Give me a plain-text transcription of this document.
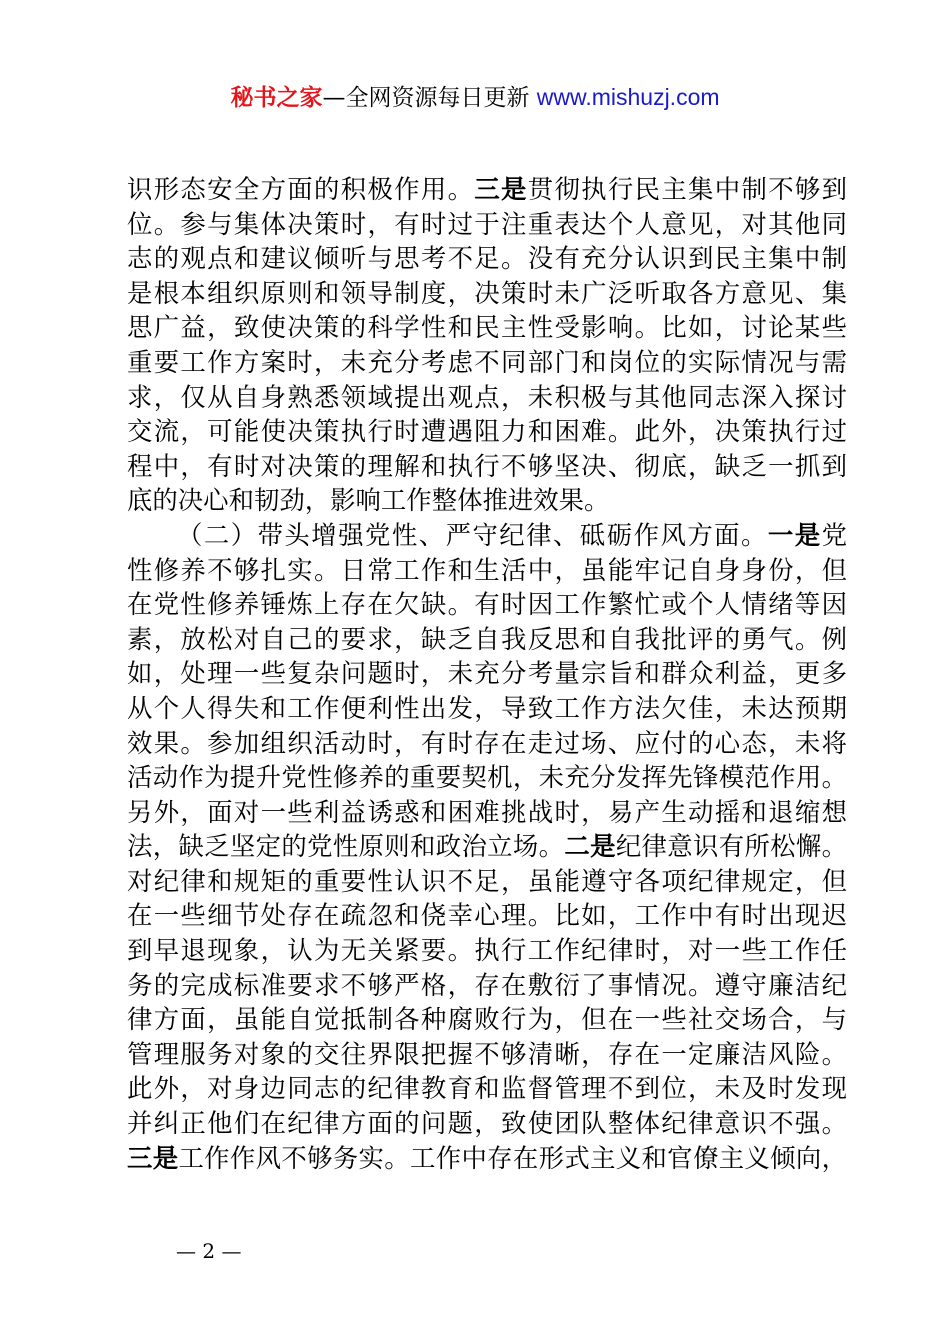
秘书之家—全网资源每日更新 www.mishuzj.com
识形态安全方面的积极作用。三是贯彻执行民主集中制不够到
位。参与集体决策时，有时过于注重表达个人意见，对其他同
志的观点和建议倾听与思考不足。没有充分认识到民主集中制
是根本组织原则和领导制度，决策时未广泛听取各方意见、集
思广益，致使决策的科学性和民主性受影响。比如，讨论某些
重要工作方案时，未充分考虑不同部门和岗位的实际情况与需
求，仅从自身熟悉领域提出观点，未积极与其他同志深入探讨
交流，可能使决策执行时遭遇阻力和困难。此外，决策执行过
程中，有时对决策的理解和执行不够坚决、彻底，缺乏一抓到
底的决心和韧劲，影响工作整体推进效果。
（二）带头增强党性、严守纪律、砥砺作风方面。一是党
性修养不够扎实。日常工作和生活中，虽能牢记自身身份，但
在党性修养锤炼上存在欠缺。有时因工作繁忙或个人情绪等因
素，放松对自己的要求，缺乏自我反思和自我批评的勇气。例
如，处理一些复杂问题时，未充分考量宗旨和群众利益，更多
从个人得失和工作便利性出发，导致工作方法欠佳，未达预期
效果。参加组织活动时，有时存在走过场、应付的心态，未将
活动作为提升党性修养的重要契机，未充分发挥先锋模范作用。
另外，面对一些利益诱惑和困难挑战时，易产生动摇和退缩想
法，缺乏坚定的党性原则和政治立场。二是纪律意识有所松懈。
对纪律和规矩的重要性认识不足，虽能遵守各项纪律规定，但
在一些细节处存在疏忽和侥幸心理。比如，工作中有时出现迟
到早退现象，认为无关紧要。执行工作纪律时，对一些工作任
务的完成标准要求不够严格，存在敷衍了事情况。遵守廉洁纪
律方面，虽能自觉抵制各种腐败行为，但在一些社交场合，与
管理服务对象的交往界限把握不够清晰，存在一定廉洁风险。
此外，对身边同志的纪律教育和监督管理不到位，未及时发现
并纠正他们在纪律方面的问题，致使团队整体纪律意识不强。
三是工作作风不够务实。工作中存在形式主义和官僚主义倾向，
— 2 —
